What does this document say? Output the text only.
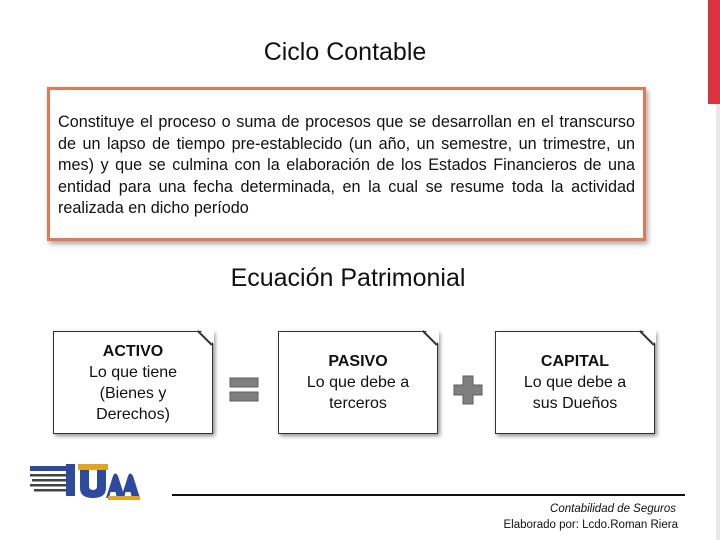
Ciclo Contable

Constituye el proceso o suma de procesos que se desarrollan en el transcurso de un lapso de tiempo pre-establecido (un año, un semestre, un trimestre, un mes) y que se culmina con la elaboración de los Estados Financieros de una entidad para una fecha determinada, en la cual se resume toda la actividad realizada en dicho período

Ecuación Patrimonial
ACTIVO
Lo que tiene (Bienes y Derechos)
PASIVO
Lo que debe a terceros
CAPITAL
Lo que debe a sus Dueños
Contabilidad de Seguros
Elaborado por: Lcdo.Roman Riera
